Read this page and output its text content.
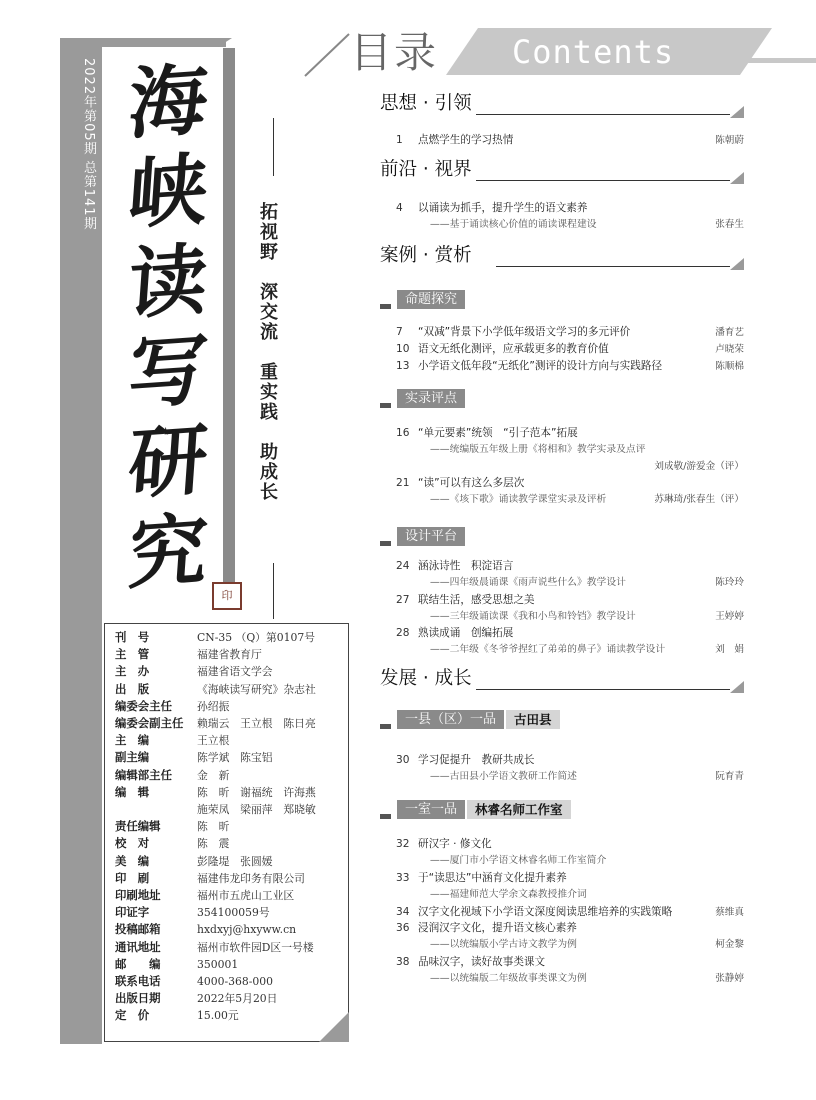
2022年第05期 总第141期 海
峡
读
写
研
究 印
拓视野
深交流
重实践
助成长
刊　号	CN-35 （Q）第0107号
主　管	福建省教育厅
主　办	福建省语文学会
出　版	《海峡读写研究》杂志社
编委会主任	孙绍振
编委会副主任	赖瑞云　王立根　陈日亮
主　编	王立根
副主编	陈学斌　陈宝铝
编辑部主任	金　新
编　辑	陈　昕　谢福统　许海燕
施荣凤　梁丽萍　郑晓敏
责任编辑	陈　昕
校　对	陈　震
美　编	彭隆堤　张圆媛
印　刷	福建伟龙印务有限公司
印刷地址	福州市五虎山工业区
印证字	354100059号
投稿邮箱	hxdxyj@hxyww.cn
通讯地址	福州市软件园D区一号楼
邮　　编	350001
联系电话	4000-368-000
出版日期	2022年5月20日
定　价	15.00元
目录 Contents
思想 · 引领
1	点燃学生的学习热情	陈朝蔚
前沿 · 视界
4	以诵读为抓手，提升学生的语文素养
——基于诵读核心价值的诵读课程建设	张春生
案例 · 赏析
命题探究
7	“双减”背景下小学低年级语文学习的多元评价	潘育艺
10 语文无纸化测评，应承载更多的教育价值	卢晓荣
13 小学语文低年段“无纸化”测评的设计方向与实践路径	陈顺棉
实录评点
16 “单元要素”统领　“引子范本”拓展
——统编版五年级上册《将相和》教学实录及点评
刘成敬/游爱金（评）
21 “读”可以有这么多层次
——《垓下歌》诵读教学课堂实录及评析	苏琳琦/张春生（评）
设计平台
24 涵泳诗性　积淀语言
——四年级晨诵课《雨声说些什么》教学设计	陈玲玲
27 联结生活，感受思想之美
——三年级诵读课《我和小鸟和铃铛》教学设计	王婷婷
28 熟读成诵　创编拓展
——二年级《冬爷爷捏红了弟弟的鼻子》诵读教学设计	刘　娟
发展 · 成长
一县（区）一品	古田县
30 学习促提升　教研共成长
——古田县小学语文教研工作简述	阮育青
一室一品	林睿名师工作室
32 研汉字 · 修文化
——厦门市小学语文林睿名师工作室简介
33 于“读思达”中涵育文化提升素养
——福建师范大学余文森教授推介词
34 汉字文化视域下小学语文深度阅读思维培养的实践策略	蔡维真
36 浸润汉字文化，提升语文核心素养
——以统编版小学古诗文教学为例	柯金黎
38 品味汉字，读好故事类课文
——以统编版二年级故事类课文为例	张静婷
